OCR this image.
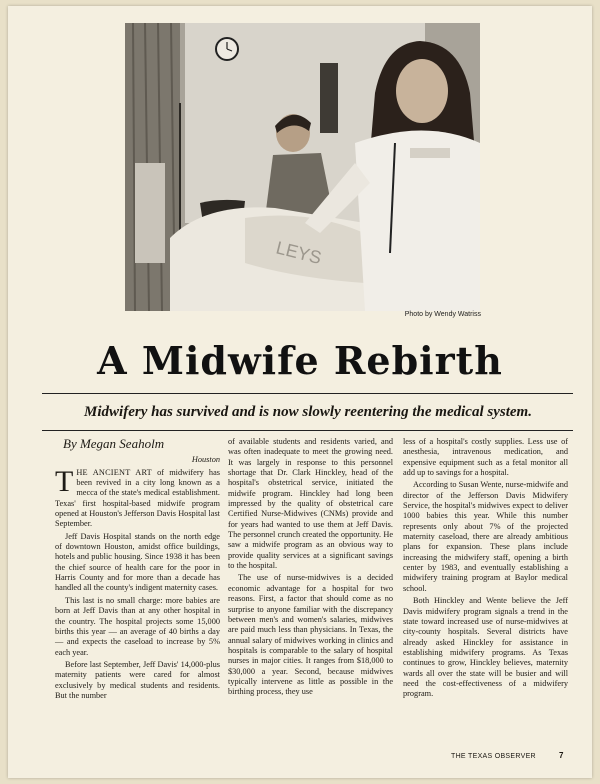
LEYS
Photo by Wendy Watriss
A Midwife Rebirth
Midwifery has survived and is now slowly reentering the medical system.
By Megan Seaholm
Houston

THE ANCIENT ART of midwifery has been revived in a city long known as a mecca of the state's medical establishment. Texas' first hospital-based midwife program opened at Houston's Jefferson Davis Hospital last September.

Jeff Davis Hospital stands on the north edge of downtown Houston, amidst office buildings, hotels and public housing. Since 1938 it has been the chief source of health care for the poor in Harris County and for more than a decade has handled all the county's indigent maternity cases.

This last is no small charge: more babies are born at Jeff Davis than at any other hospital in the country. The hospital projects some 15,000 births this year — an average of 40 births a day — and expects the caseload to increase by 5% each year.

Before last September, Jeff Davis' 14,000-plus maternity patients were cared for almost exclusively by medical students and residents. But the number

of available students and residents varied, and was often inadequate to meet the growing need. It was largely in response to this personnel shortage that Dr. Clark Hinckley, head of the hospital's obstetrical service, initiated the midwife program. Hinckley had long been impressed by the quality of obstetrical care Certified Nurse-Midwives (CNMs) provide and for years had wanted to use them at Jeff Davis. The personnel crunch created the opportunity. He saw a midwife program as an obvious way to provide quality services at a significant savings to the hospital.

The use of nurse-midwives is a decided economic advantage for a hospital for two reasons. First, a factor that should come as no surprise to anyone familiar with the discrepancy between men's and women's salaries, midwives are paid much less than physicians. In Texas, the annual salary of midwives working in clinics and hospitals is comparable to the salary of hospital nurses in major cities. It ranges from $18,000 to $30,000 a year. Second, because midwives typically intervene as little as possible in the birthing process, they use

less of a hospital's costly supplies. Less use of anesthesia, intravenous medication, and expensive equipment such as a fetal monitor all add up to savings for a hospital.

According to Susan Wente, nurse-midwife and director of the Jefferson Davis Midwifery Service, the hospital's midwives expect to deliver 1000 babies this year. While this number represents only about 7% of the projected maternity caseload, there are already ambitious plans for expansion. These plans include increasing the midwifery staff, opening a birth center by 1983, and eventually establishing a midwifery training program at Baylor medical school.

Both Hinckley and Wente believe the Jeff Davis midwifery program signals a trend in the state toward increased use of nurse-midwives at city-county hospitals. Several districts have already asked Hinckley for assistance in establishing midwifery programs. As Texas continues to grow, Hinckley believes, maternity wards all over the state will be busier and will need the cost-effectiveness of a midwifery program.

THE TEXAS OBSERVER	7
